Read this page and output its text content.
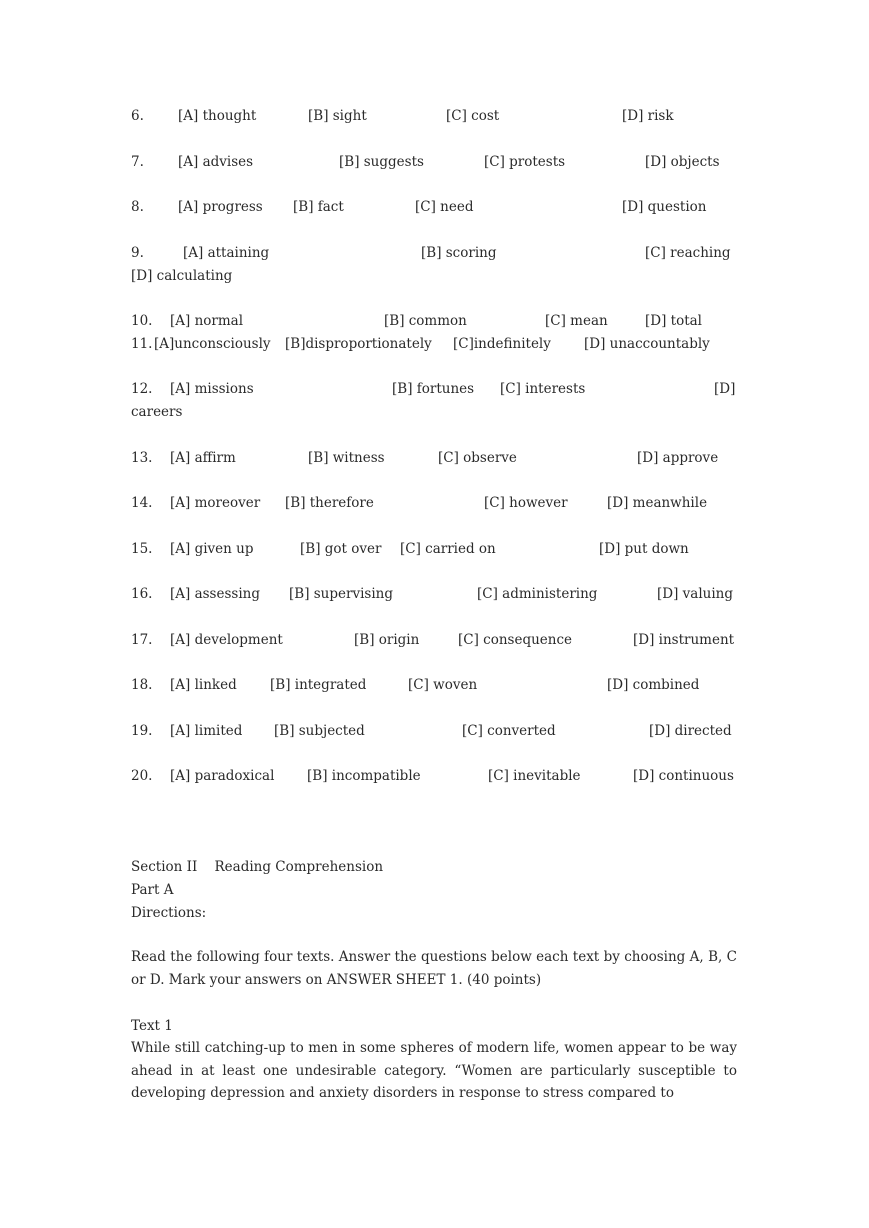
6.	[A] thought	[B] sight	[C] cost	[D] risk
7.	[A] advises	[B] suggests	[C] protests	[D] objects
8.	[A] progress [B] fact	[C] need	[D] question
9.	[A] attaining	[B] scoring	[C] reaching
[D] calculating
10. [A] normal	[B] common	[C] mean	[D] total
11. [A]unconsciously [B]disproportionately [C]indefinitely [D] unaccountably
12. [A] missions	[B] fortunes [C] interests	[D]
careers
13. [A] affirm	[B] witness	[C] observe	[D] approve
14. [A] moreover [B] therefore	[C] however	[D] meanwhile
15. [A] given up	[B] got over [C] carried on	[D] put down
16. [A] assessing [B] supervising	[C] administering	[D] valuing
17. [A] development	[B] origin	[C] consequence	[D] instrument
18. [A] linked [B] integrated	[C] woven	[D] combined
19. [A] limited [B] subjected	[C] converted	[D] directed
20. [A] paradoxical [B] incompatible	[C] inevitable	[D] continuous
Section II    Reading Comprehension
Part A
Directions:
Read the following four texts. Answer the questions below each text by choosing A, B, C or D. Mark your answers on ANSWER SHEET 1. (40 points)
Text 1
While still catching-up to men in some spheres of modern life, women appear to be way ahead in at least one undesirable category. “Women are particularly susceptible to developing depression and anxiety disorders in response to stress compared to
